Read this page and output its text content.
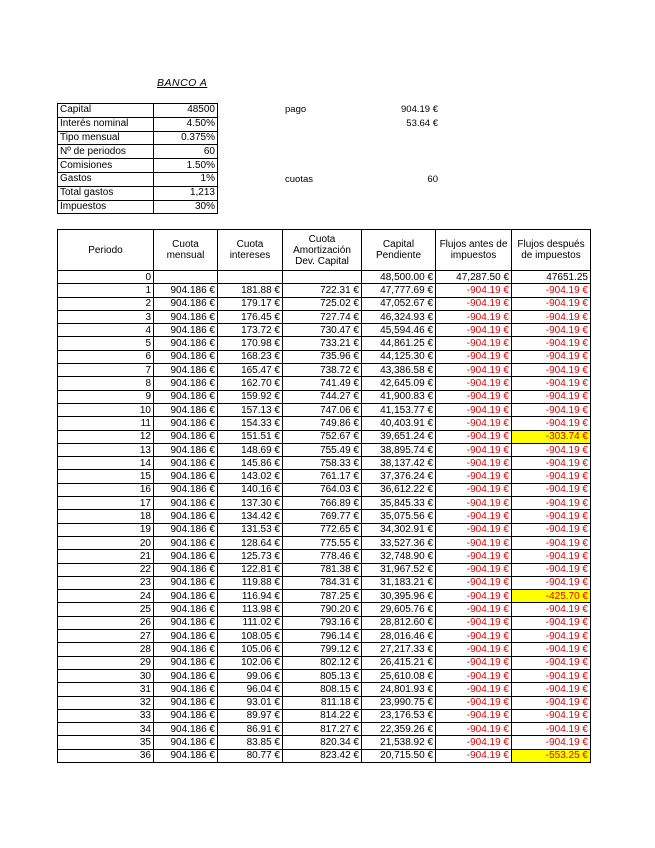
BANCO A
Capital	48500
Interés nominal	4.50%
Tipo mensual	0.375%
Nº de periodos	60
Comisiones	1.50%
Gastos	1%
Total gastos	1,213
Impuestos	30%
pago	904.19 €
53.64 €
cuotas	60
Periodo	Cuota mensual	Cuota intereses	Cuota Amortización Dev. Capital	Capital Pendiente	Flujos antes de impuestos	Flujos después de impuestos
0				48,500.00 €	47,287.50 €	47651.25
1	904.186 €	181.88 €	722.31 €	47,777.69 €	-904.19 €	-904.19 €
2	904.186 €	179.17 €	725.02 €	47,052.67 €	-904.19 €	-904.19 €
3	904.186 €	176.45 €	727.74 €	46,324.93 €	-904.19 €	-904.19 €
4	904.186 €	173.72 €	730.47 €	45,594.46 €	-904.19 €	-904.19 €
5	904.186 €	170.98 €	733.21 €	44,861.25 €	-904.19 €	-904.19 €
6	904.186 €	168.23 €	735.96 €	44,125.30 €	-904.19 €	-904.19 €
7	904.186 €	165.47 €	738.72 €	43,386.58 €	-904.19 €	-904.19 €
8	904.186 €	162.70 €	741.49 €	42,645.09 €	-904.19 €	-904.19 €
9	904.186 €	159.92 €	744.27 €	41,900.83 €	-904.19 €	-904.19 €
10	904.186 €	157.13 €	747.06 €	41,153.77 €	-904.19 €	-904.19 €
11	904.186 €	154.33 €	749.86 €	40,403.91 €	-904.19 €	-904.19 €
12	904.186 €	151.51 €	752.67 €	39,651.24 €	-904.19 €	-303.74 €
13	904.186 €	148.69 €	755.49 €	38,895.74 €	-904.19 €	-904.19 €
14	904.186 €	145.86 €	758.33 €	38,137.42 €	-904.19 €	-904.19 €
15	904.186 €	143.02 €	761.17 €	37,376.24 €	-904.19 €	-904.19 €
16	904.186 €	140.16 €	764.03 €	36,612.22 €	-904.19 €	-904.19 €
17	904.186 €	137.30 €	766.89 €	35,845.33 €	-904.19 €	-904.19 €
18	904.186 €	134.42 €	769.77 €	35,075.56 €	-904.19 €	-904.19 €
19	904.186 €	131.53 €	772.65 €	34,302.91 €	-904.19 €	-904.19 €
20	904.186 €	128.64 €	775.55 €	33,527.36 €	-904.19 €	-904.19 €
21	904.186 €	125.73 €	778.46 €	32,748.90 €	-904.19 €	-904.19 €
22	904.186 €	122.81 €	781.38 €	31,967.52 €	-904.19 €	-904.19 €
23	904.186 €	119.88 €	784.31 €	31,183.21 €	-904.19 €	-904.19 €
24	904.186 €	116.94 €	787.25 €	30,395.96 €	-904.19 €	-425.70 €
25	904.186 €	113.98 €	790.20 €	29,605.76 €	-904.19 €	-904.19 €
26	904.186 €	111.02 €	793.16 €	28,812.60 €	-904.19 €	-904.19 €
27	904.186 €	108.05 €	796.14 €	28,016.46 €	-904.19 €	-904.19 €
28	904.186 €	105.06 €	799.12 €	27,217.33 €	-904.19 €	-904.19 €
29	904.186 €	102.06 €	802.12 €	26,415.21 €	-904.19 €	-904.19 €
30	904.186 €	99.06 €	805.13 €	25,610.08 €	-904.19 €	-904.19 €
31	904.186 €	96.04 €	808.15 €	24,801.93 €	-904.19 €	-904.19 €
32	904.186 €	93.01 €	811.18 €	23,990.75 €	-904.19 €	-904.19 €
33	904.186 €	89.97 €	814.22 €	23,176.53 €	-904.19 €	-904.19 €
34	904.186 €	86.91 €	817.27 €	22,359.26 €	-904.19 €	-904.19 €
35	904.186 €	83.85 €	820.34 €	21,538.92 €	-904.19 €	-904.19 €
36	904.186 €	80.77 €	823.42 €	20,715.50 €	-904.19 €	-553.25 €
